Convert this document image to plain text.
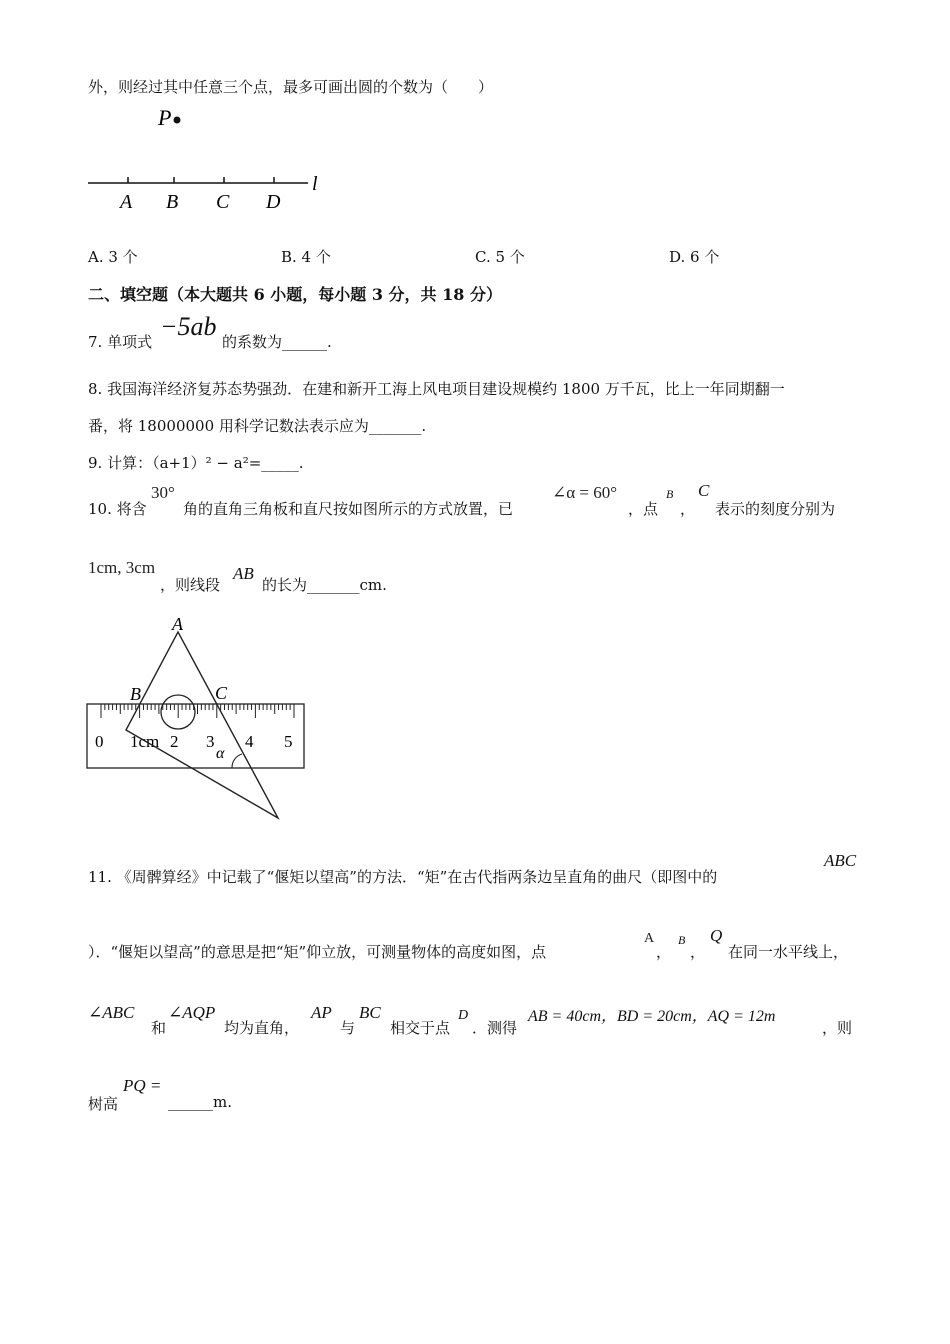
外，则经过其中任意三个点，最多可画出圆的个数为（　　）
P
A B C D
l
A. 3 个	B. 4 个	C. 5 个	D. 6 个
二、填空题（本大题共 6 小题，每小题 3 分，共 18 分）
7. 单项式
−5ab
的系数为______.
8. 我国海洋经济复苏态势强劲．在建和新开工海上风电项目建设规模约 1800 万千瓦，比上一年同期翻一
番，将 18000000 用科学记数法表示应为_______.
9. 计算：（a+1）² − a²=_____.
10. 将含
30°
角的直角三角板和直尺按如图所示的方式放置，已
∠α = 60°
，点
B
，
C
表示的刻度分别为
1cm, 3cm
，则线段
AB
的长为_______cm.
0 1cm 2 3 4 5
A
B	C
α
11. 《周髀算经》中记载了“偃矩以望高”的方法．“矩”在古代指两条边呈直角的曲尺（即图中的
ABC
）．“偃矩以望高”的意思是把“矩”仰立放，可测量物体的高度如图，点
A
，
B
，
Q
在同一水平线上，
∠ABC
和
∠AQP
均为直角，
AP
与
BC
相交于点
D
．测得
AB = 40cm，BD = 20cm，AQ = 12m
，则
树高
PQ =
______m.
